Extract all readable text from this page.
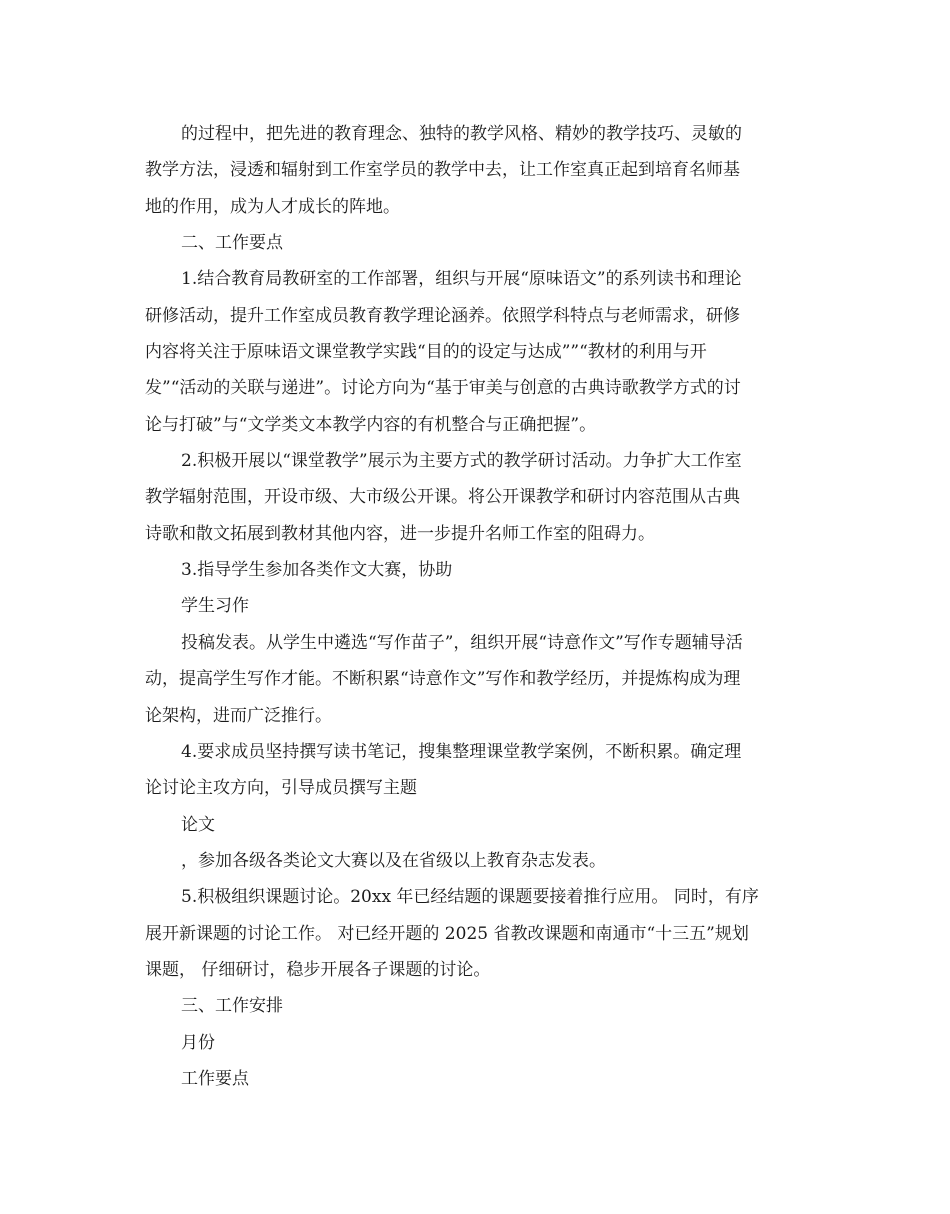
的过程中，把先进的教育理念、独特的教学风格、精妙的教学技巧、灵敏的
教学方法，浸透和辐射到工作室学员的教学中去，让工作室真正起到培育名师基
地的作用，成为人才成长的阵地。
二、工作要点
1.结合教育局教研室的工作部署，组织与开展“原味语文”的系列读书和理论
研修活动，提升工作室成员教育教学理论涵养。依照学科特点与老师需求，研修
内容将关注于原味语文课堂教学实践“目的的设定与达成””“教材的利用与开
发”“活动的关联与递进”。讨论方向为“基于审美与创意的古典诗歌教学方式的讨
论与打破”与“文学类文本教学内容的有机整合与正确把握”。
2.积极开展以“课堂教学”展示为主要方式的教学研讨活动。力争扩大工作室
教学辐射范围，开设市级、大市级公开课。将公开课教学和研讨内容范围从古典
诗歌和散文拓展到教材其他内容，进一步提升名师工作室的阻碍力。
3.指导学生参加各类作文大赛，协助
学生习作
投稿发表。从学生中遴选“写作苗子”，组织开展“诗意作文”写作专题辅导活
动，提高学生写作才能。不断积累“诗意作文”写作和教学经历，并提炼构成为理
论架构，进而广泛推行。
4.要求成员坚持撰写读书笔记，搜集整理课堂教学案例，不断积累。确定理
论讨论主攻方向，引导成员撰写主题
论文
，参加各级各类论文大赛以及在省级以上教育杂志发表。
5.积极组织课题讨论。20xx 年已经结题的课题要接着推行应用。 同时，有序
展开新课题的讨论工作。 对已经开题的 2025 省教改课题和南通市“十三五”规划
课题， 仔细研讨，稳步开展各子课题的讨论。
三、工作安排
月份
工作要点
